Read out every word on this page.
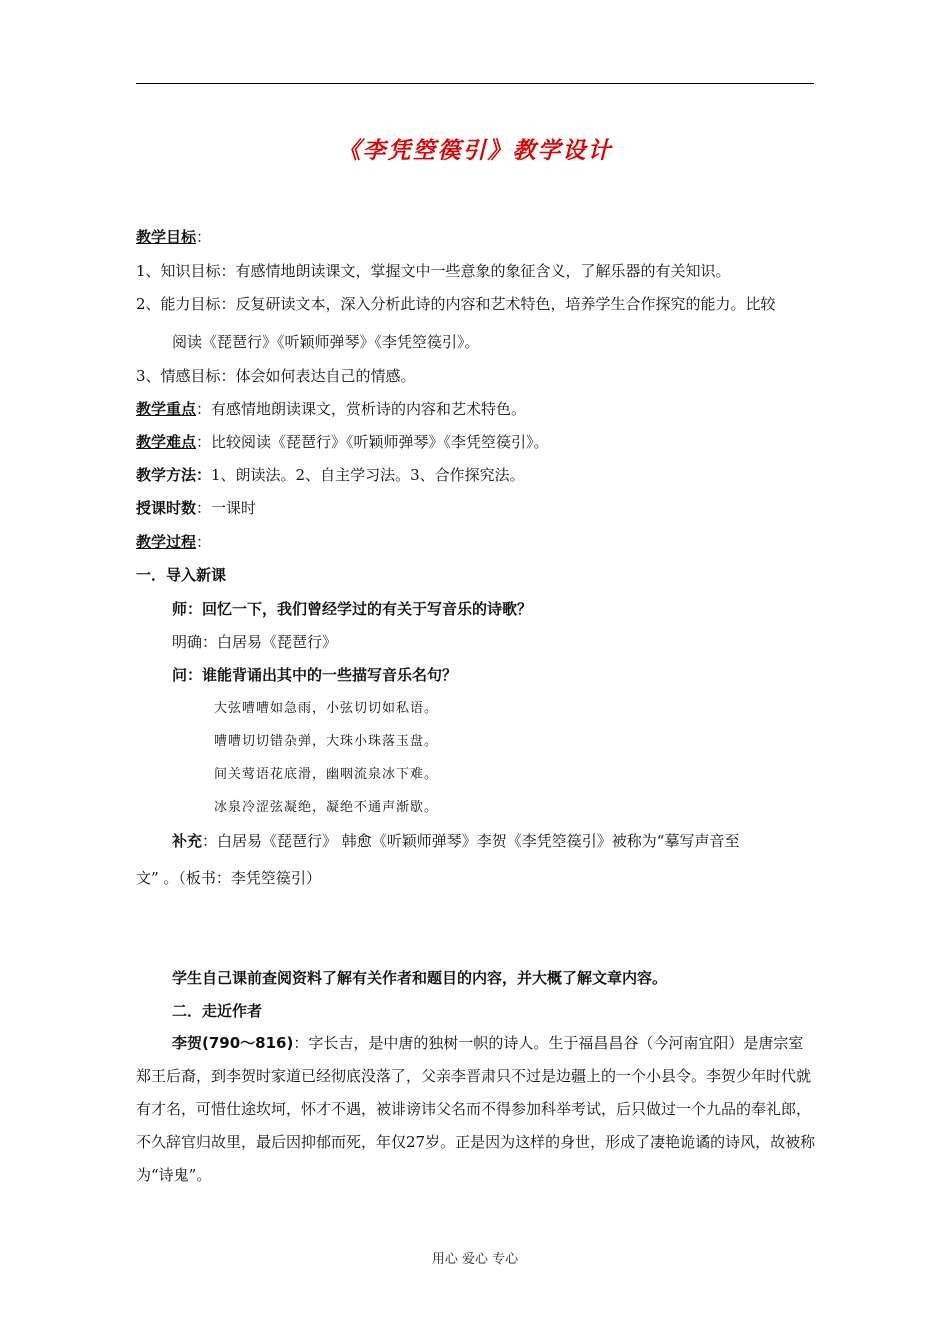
《李凭箜篌引》教学设计
教学目标：
1、知识目标：有感情地朗读课文，掌握文中一些意象的象征含义，了解乐器的有关知识。
2、能力目标：反复研读文本，深入分析此诗的内容和艺术特色，培养学生合作探究的能力。比较
阅读《琵琶行》《听颖师弹琴》《李凭箜篌引》。
3、情感目标：体会如何表达自己的情感。
教学重点：有感情地朗读课文，赏析诗的内容和艺术特色。
教学难点：比较阅读《琵琶行》《听颖师弹琴》《李凭箜篌引》。
教学方法：1、朗读法。2、自主学习法。3、合作探究法。
授课时数：一课时
教学过程：
一．导入新课
师：回忆一下，我们曾经学过的有关于写音乐的诗歌？
明确：白居易《琵琶行》
问：谁能背诵出其中的一些描写音乐名句？
大弦嘈嘈如急雨，小弦切切如私语。
嘈嘈切切错杂弹，大珠小珠落玉盘。
间关莺语花底滑，幽咽流泉冰下难。
冰泉冷涩弦凝绝，凝绝不通声渐歇。
补充：白居易《琵琶行》 韩愈《听颖师弹琴》李贺《李凭箜篌引》被称为“摹写声音至
文” 。（板书：李凭箜篌引）
学生自己课前查阅资料了解有关作者和题目的内容，并大概了解文章内容。
二．走近作者
李贺(790～816)：字长吉，是中唐的独树一帜的诗人。生于福昌昌谷（今河南宜阳）是唐宗室郑王后裔，到李贺时家道已经彻底没落了，父亲李晋肃只不过是边疆上的一个小县令。李贺少年时代就有才名，可惜仕途坎坷，怀才不遇，被诽谤讳父名而不得参加科举考试，后只做过一个九品的奉礼郎，不久辞官归故里，最后因抑郁而死，年仅27岁。正是因为这样的身世，形成了凄艳诡谲的诗风，故被称为“诗鬼”。
用心 爱心 专心
